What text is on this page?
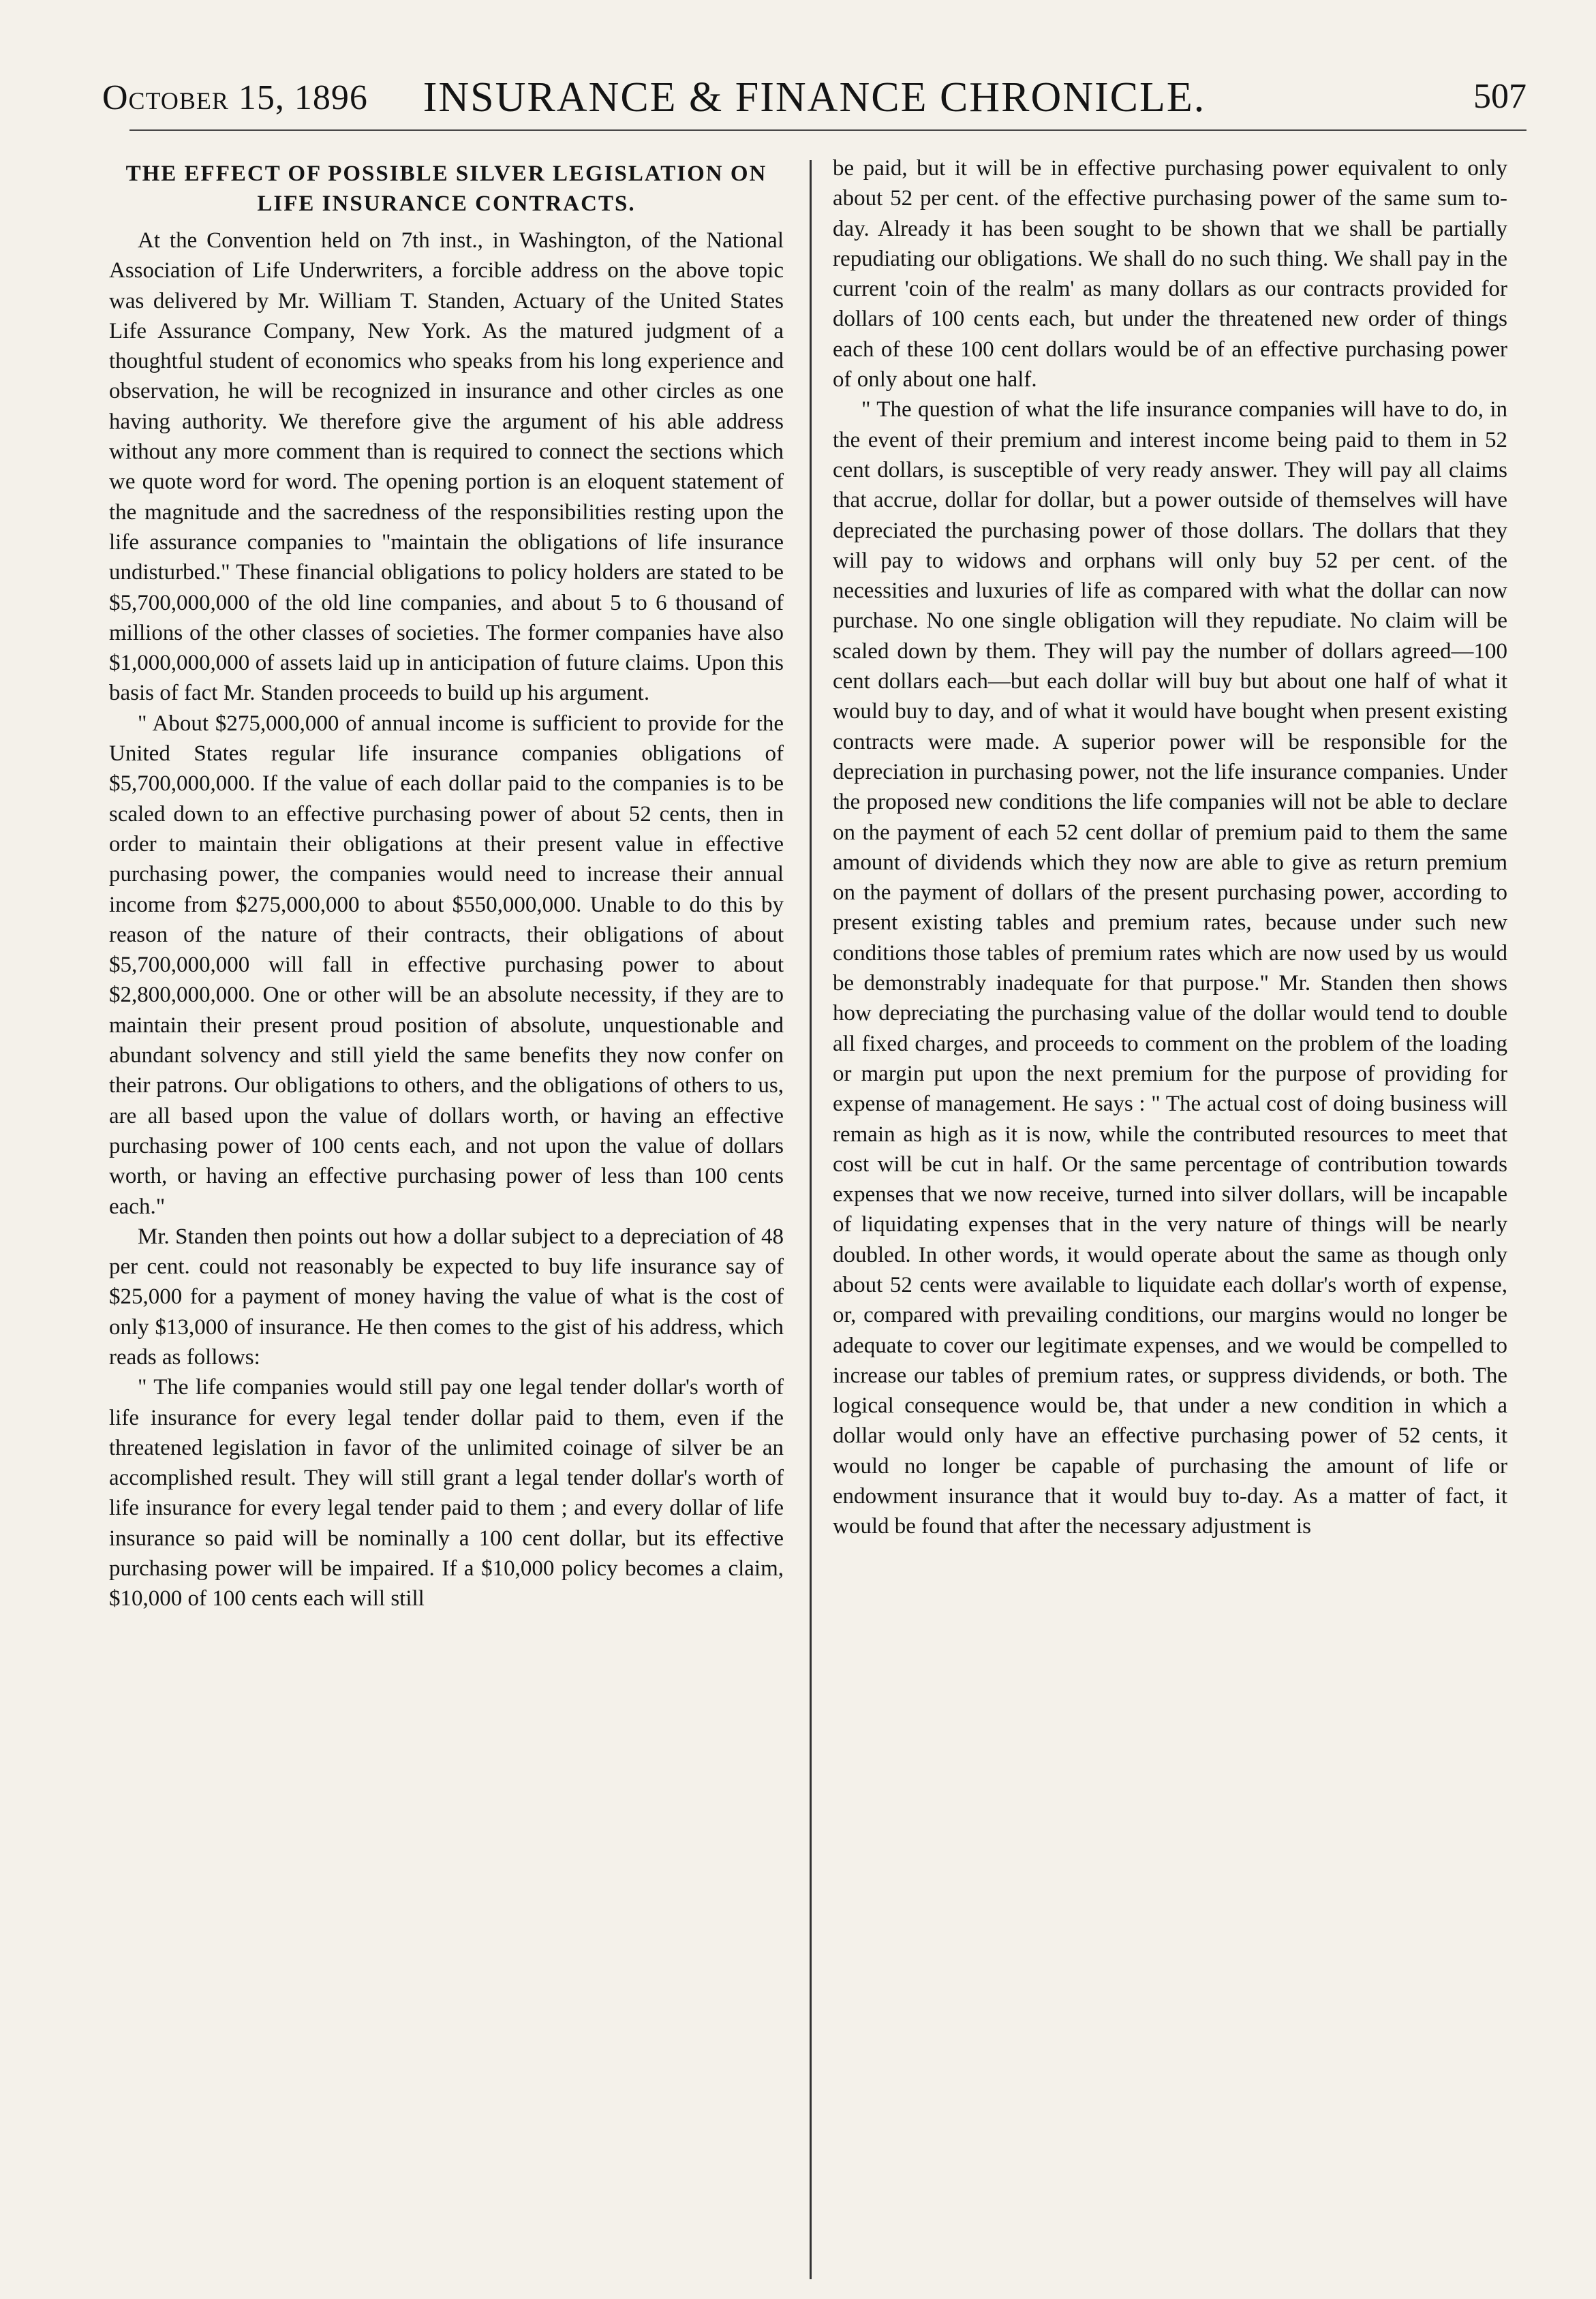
October 15, 1896	INSURANCE & FINANCE CHRONICLE.	507
THE EFFECT OF POSSIBLE SILVER LEGISLATION ON LIFE INSURANCE CONTRACTS.

At the Convention held on 7th inst., in Washington, of the National Association of Life Underwriters, a forcible address on the above topic was delivered by Mr. William T. Standen, Actuary of the United States Life Assurance Company, New York. As the matured judgment of a thoughtful student of economics who speaks from his long experience and observation, he will be recognized in insurance and other circles as one having authority. We therefore give the argument of his able address without any more comment than is required to connect the sections which we quote word for word. The opening portion is an eloquent statement of the magnitude and the sacredness of the responsibilities resting upon the life assurance companies to "maintain the obligations of life insurance undisturbed." These financial obligations to policy holders are stated to be $5,700,000,000 of the old line companies, and about 5 to 6 thousand of millions of the other classes of societies. The former companies have also $1,000,000,000 of assets laid up in anticipation of future claims. Upon this basis of fact Mr. Standen proceeds to build up his argument.

" About $275,000,000 of annual income is sufficient to provide for the United States regular life insurance companies obligations of $5,700,000,000. If the value of each dollar paid to the companies is to be scaled down to an effective purchasing power of about 52 cents, then in order to maintain their obligations at their present value in effective purchasing power, the companies would need to increase their annual income from $275,000,000 to about $550,000,000. Unable to do this by reason of the nature of their contracts, their obligations of about $5,700,000,000 will fall in effective purchasing power to about $2,800,000,000. One or other will be an absolute necessity, if they are to maintain their present proud position of absolute, unquestionable and abundant solvency and still yield the same benefits they now confer on their patrons. Our obligations to others, and the obligations of others to us, are all based upon the value of dollars worth, or having an effective purchasing power of 100 cents each, and not upon the value of dollars worth, or having an effective purchasing power of less than 100 cents each."

Mr. Standen then points out how a dollar subject to a depreciation of 48 per cent. could not reasonably be expected to buy life insurance say of $25,000 for a payment of money having the value of what is the cost of only $13,000 of insurance. He then comes to the gist of his address, which reads as follows:

" The life companies would still pay one legal tender dollar's worth of life insurance for every legal tender dollar paid to them, even if the threatened legislation in favor of the unlimited coinage of silver be an accomplished result. They will still grant a legal tender dollar's worth of life insurance for every legal tender paid to them ; and every dollar of life insurance so paid will be nominally a 100 cent dollar, but its effective purchasing power will be impaired. If a $10,000 policy becomes a claim, $10,000 of 100 cents each will still

be paid, but it will be in effective purchasing power equivalent to only about 52 per cent. of the effective purchasing power of the same sum to-day. Already it has been sought to be shown that we shall be partially repudiating our obligations. We shall do no such thing. We shall pay in the current 'coin of the realm' as many dollars as our contracts provided for dollars of 100 cents each, but under the threatened new order of things each of these 100 cent dollars would be of an effective purchasing power of only about one half.

" The question of what the life insurance companies will have to do, in the event of their premium and interest income being paid to them in 52 cent dollars, is susceptible of very ready answer. They will pay all claims that accrue, dollar for dollar, but a power outside of themselves will have depreciated the purchasing power of those dollars. The dollars that they will pay to widows and orphans will only buy 52 per cent. of the necessities and luxuries of life as compared with what the dollar can now purchase. No one single obligation will they repudiate. No claim will be scaled down by them. They will pay the number of dollars agreed—100 cent dollars each—but each dollar will buy but about one half of what it would buy to day, and of what it would have bought when present existing contracts were made. A superior power will be responsible for the depreciation in purchasing power, not the life insurance companies. Under the proposed new conditions the life companies will not be able to declare on the payment of each 52 cent dollar of premium paid to them the same amount of dividends which they now are able to give as return premium on the payment of dollars of the present purchasing power, according to present existing tables and premium rates, because under such new conditions those tables of premium rates which are now used by us would be demonstrably inadequate for that purpose." Mr. Standen then shows how depreciating the purchasing value of the dollar would tend to double all fixed charges, and proceeds to comment on the problem of the loading or margin put upon the next premium for the purpose of providing for expense of management. He says : " The actual cost of doing business will remain as high as it is now, while the contributed resources to meet that cost will be cut in half. Or the same percentage of contribution towards expenses that we now receive, turned into silver dollars, will be incapable of liquidating expenses that in the very nature of things will be nearly doubled. In other words, it would operate about the same as though only about 52 cents were available to liquidate each dollar's worth of expense, or, compared with prevailing conditions, our margins would no longer be adequate to cover our legitimate expenses, and we would be compelled to increase our tables of premium rates, or suppress dividends, or both. The logical consequence would be, that under a new condition in which a dollar would only have an effective purchasing power of 52 cents, it would no longer be capable of purchasing the amount of life or endowment insurance that it would buy to-day. As a matter of fact, it would be found that after the necessary adjustment is
